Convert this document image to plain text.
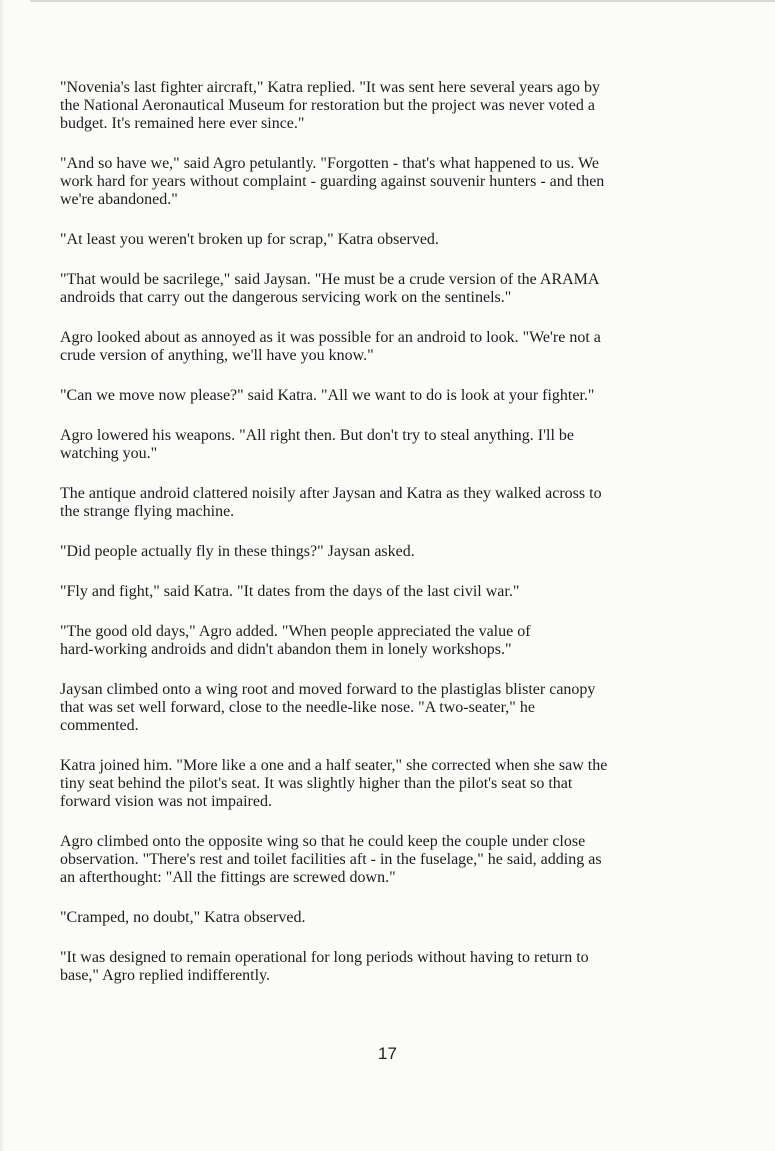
"Novenia's last fighter aircraft," Katra replied. "It was sent here several years ago by
the National Aeronautical Museum for restoration but the project was never voted a
budget. It's remained here ever since."

"And so have we," said Agro petulantly. "Forgotten - that's what happened to us. We
work hard for years without complaint - guarding against souvenir hunters - and then
we're abandoned."

"At least you weren't broken up for scrap," Katra observed.

"That would be sacrilege," said Jaysan. "He must be a crude version of the ARAMA
androids that carry out the dangerous servicing work on the sentinels."

Agro looked about as annoyed as it was possible for an android to look. "We're not a
crude version of anything, we'll have you know."

"Can we move now please?" said Katra. "All we want to do is look at your fighter."

Agro lowered his weapons. "All right then. But don't try to steal anything. I'll be
watching you."

The antique android clattered noisily after Jaysan and Katra as they walked across to
the strange flying machine.

"Did people actually fly in these things?" Jaysan asked.

"Fly and fight," said Katra. "It dates from the days of the last civil war."

"The good old days," Agro added. "When people appreciated the value of
hard-working androids and didn't abandon them in lonely workshops."

Jaysan climbed onto a wing root and moved forward to the plastiglas blister canopy
that was set well forward, close to the needle-like nose. "A two-seater," he
commented.

Katra joined him. "More like a one and a half seater," she corrected when she saw the
tiny seat behind the pilot's seat. It was slightly higher than the pilot's seat so that
forward vision was not impaired.

Agro climbed onto the opposite wing so that he could keep the couple under close
observation. "There's rest and toilet facilities aft - in the fuselage," he said, adding as
an afterthought: "All the fittings are screwed down."

"Cramped, no doubt," Katra observed.

"It was designed to remain operational for long periods without having to return to
base," Agro replied indifferently.

17
